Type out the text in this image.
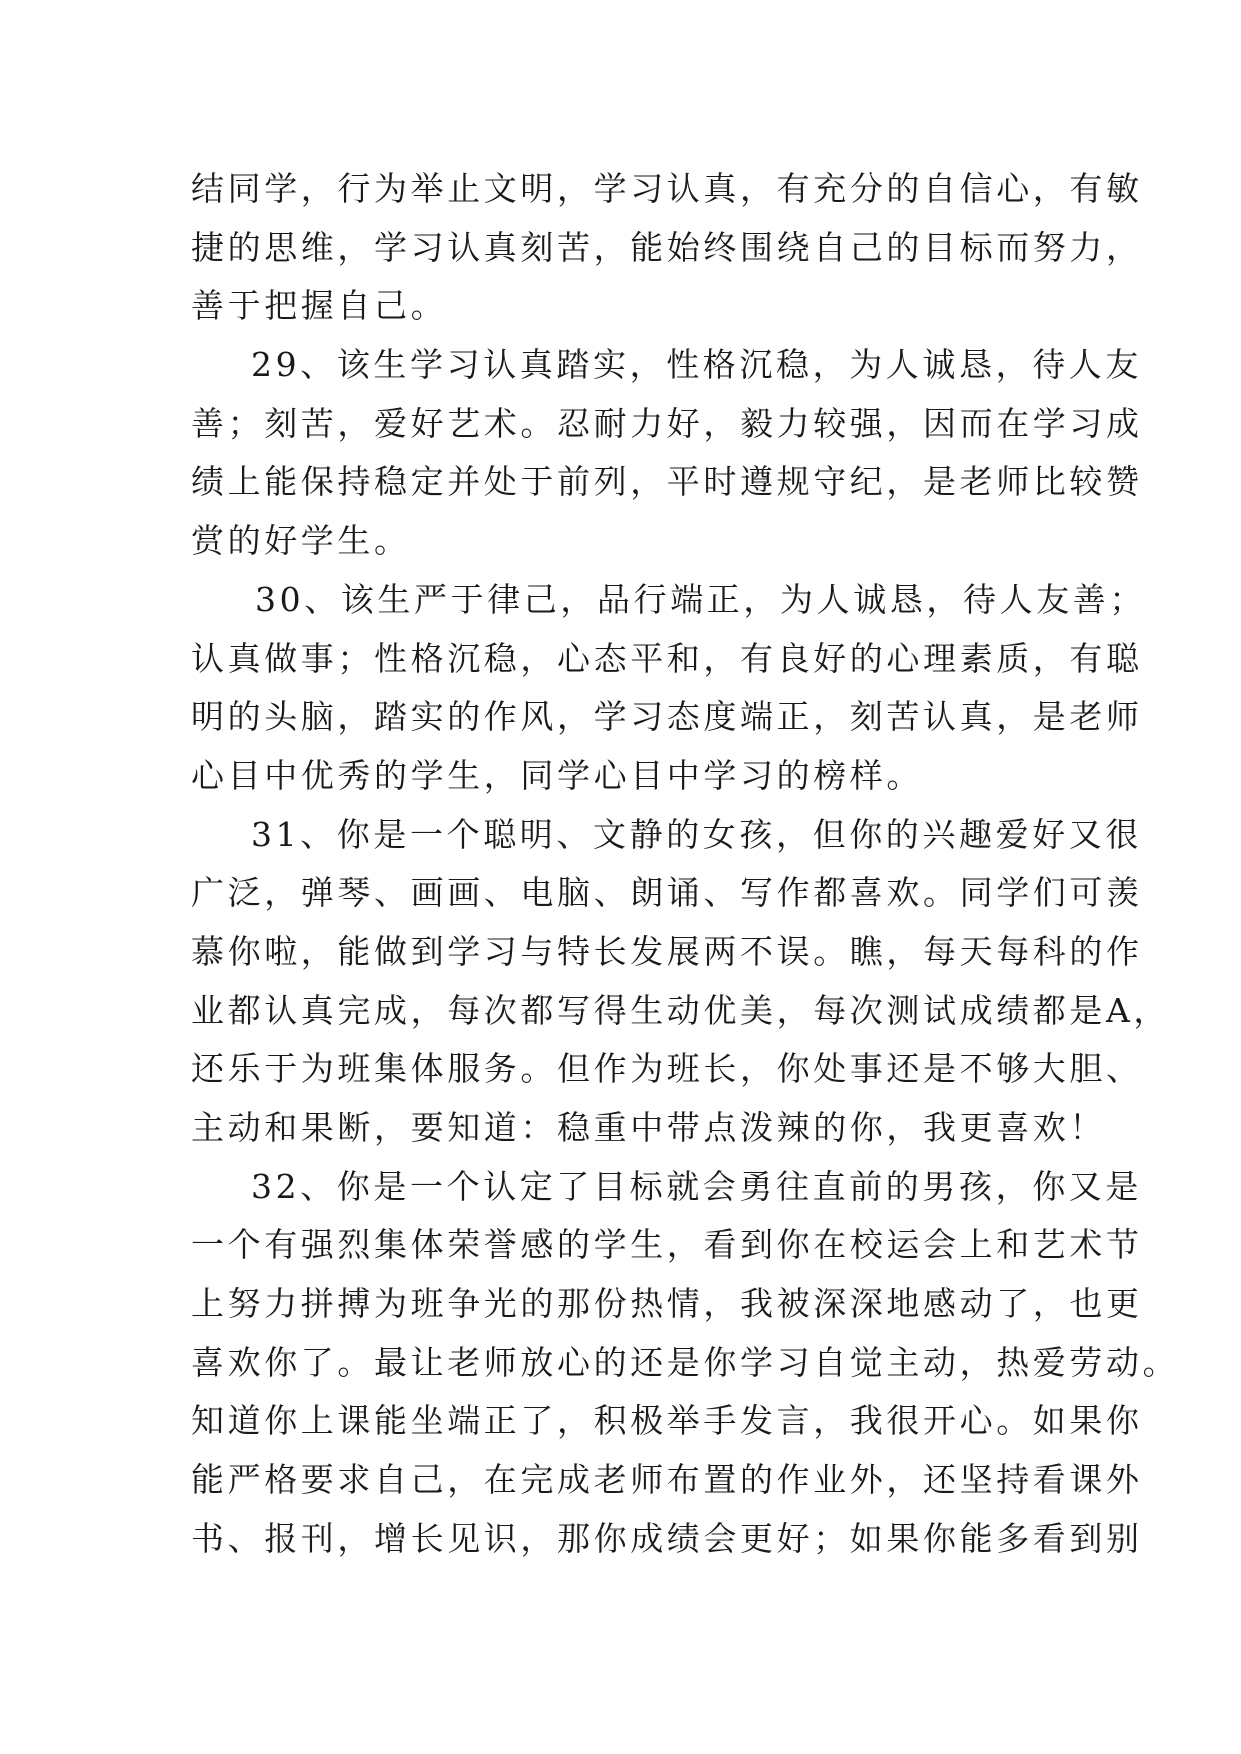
结同学，行为举止文明，学习认真，有充分的自信心，有敏
捷的思维，学习认真刻苦，能始终围绕自己的目标而努力，
善于把握自己。
29、该生学习认真踏实，性格沉稳，为人诚恳，待人友
善；刻苦，爱好艺术。忍耐力好，毅力较强，因而在学习成
绩上能保持稳定并处于前列，平时遵规守纪，是老师比较赞
赏的好学生。
30、该生严于律己，品行端正，为人诚恳，待人友善；
认真做事；性格沉稳，心态平和，有良好的心理素质，有聪
明的头脑，踏实的作风，学习态度端正，刻苦认真，是老师
心目中优秀的学生，同学心目中学习的榜样。
31、你是一个聪明、文静的女孩，但你的兴趣爱好又很
广泛，弹琴、画画、电脑、朗诵、写作都喜欢。同学们可羡
慕你啦，能做到学习与特长发展两不误。瞧，每天每科的作
业都认真完成，每次都写得生动优美，每次测试成绩都是A，
还乐于为班集体服务。但作为班长，你处事还是不够大胆、
主动和果断，要知道：稳重中带点泼辣的你，我更喜欢！
32、你是一个认定了目标就会勇往直前的男孩，你又是
一个有强烈集体荣誉感的学生，看到你在校运会上和艺术节
上努力拼搏为班争光的那份热情，我被深深地感动了，也更
喜欢你了。最让老师放心的还是你学习自觉主动，热爱劳动。
知道你上课能坐端正了，积极举手发言，我很开心。如果你
能严格要求自己，在完成老师布置的作业外，还坚持看课外
书、报刊，增长见识，那你成绩会更好；如果你能多看到别
